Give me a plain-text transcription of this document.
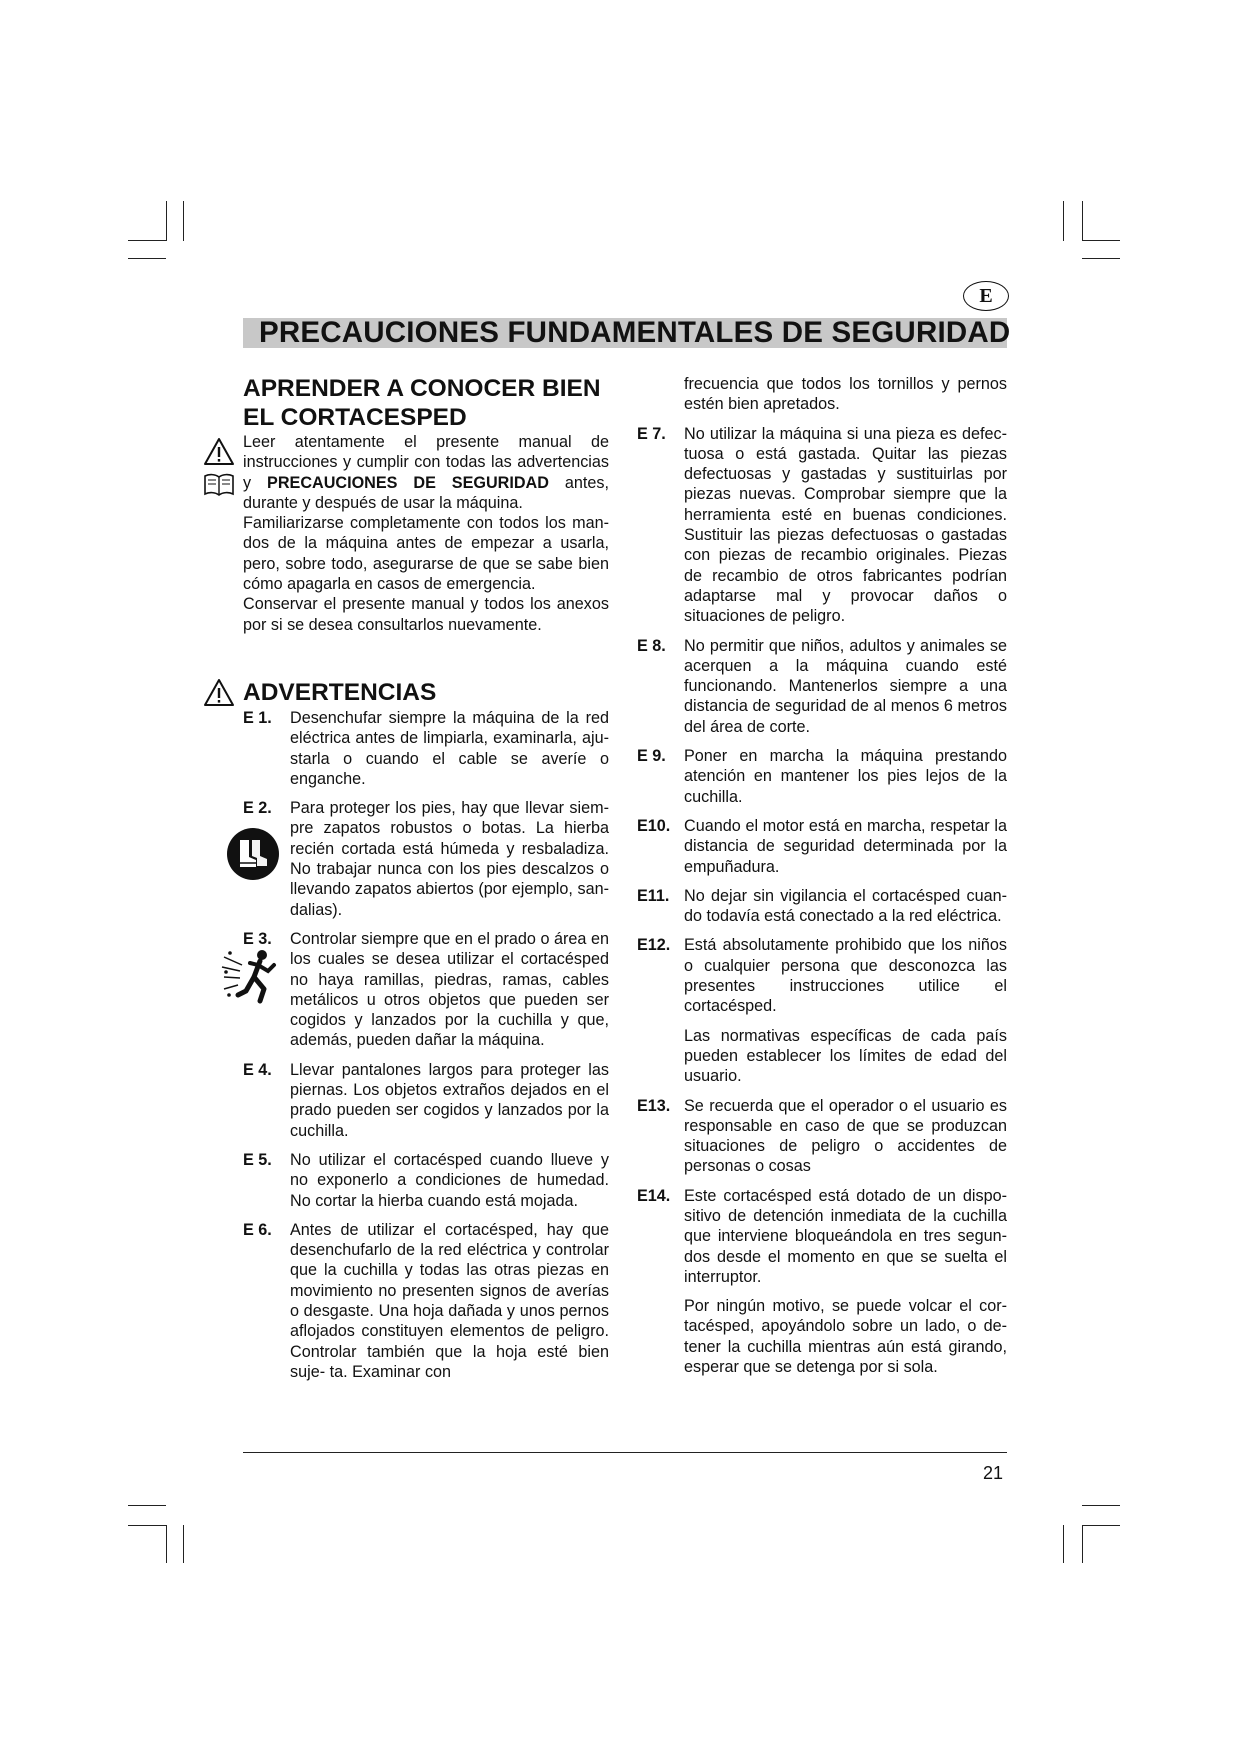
E
PRECAUCIONES FUNDAMENTALES DE SEGURIDAD
APRENDER A CONOCER BIEN
EL CORTACESPED

Leer atentamente el presente manual de instrucciones y cumplir con todas las advertencias y PRECAUCIONES DE SEGURIDAD antes, durante y después de usar la máquina.

Familiarizarse completamente con todos los mandos de la máquina antes de empezar a usarla, pero, sobre todo, asegurarse de que se sabe bien cómo apagarla en casos de emergencia.

Conservar el presente manual y todos los anexos por si se desea consultarlos nuevamente.

ADVERTENCIAS
E 1. Desenchufar siempre la máquina de la red eléctrica antes de limpiarla, examinarla, ajustarla o cuando el cable se averíe o enganche.

E 2. Para proteger los pies, hay que llevar siempre zapatos robustos o botas. La hierba recién cortada está húmeda y resbaladiza. No trabajar nunca con los pies descalzos o llevando zapatos abiertos (por ejemplo, sandalias).

E 3. Controlar siempre que en el prado o área en los cuales se desea utilizar el cortacésped no haya ramillas, piedras, ramas, cables metálicos u otros objetos que pueden ser cogidos y lanzados por la cuchilla y que, además, pueden dañar la máquina.

E 4. Llevar pantalones largos para proteger las piernas. Los objetos extraños dejados en el prado pueden ser cogidos y lanzados por la cuchilla.

E 5. No utilizar el cortacésped cuando llueve y no exponerlo a condiciones de humedad. No cortar la hierba cuando está mojada.

E 6. Antes de utilizar el cortacésped, hay que desenchufarlo de la red eléctrica y controlar que la cuchilla y todas las otras piezas en movimiento no presenten signos de averías o desgaste. Una hoja dañada y unos pernos aflojados constituyen elementos de peligro. Controlar también que la hoja esté bien suje- ta. Examinar con

frecuencia que todos los tornillos y pernos estén bien apretados.

E 7. No utilizar la máquina si una pieza es defectuosa o está gastada. Quitar las piezas defectuosas y gastadas y sustituirlas por piezas nuevas. Comprobar siempre que la herramienta esté en buenas condiciones. Sustituir las piezas defectuosas o gastadas con piezas de recambio originales. Piezas de recambio de otros fabricantes podrían adaptarse mal y provocar daños o situaciones de peligro.

E 8. No permitir que niños, adultos y animales se acerquen a la máquina cuando esté funcionando. Mantenerlos siempre a una distancia de seguridad de al menos 6 metros del área de corte.

E 9. Poner en marcha la máquina prestando atención en mantener los pies lejos de la cuchilla.

E10. Cuando el motor está en marcha, respetar la distancia de seguridad determinada por la empuñadura.

E11. No dejar sin vigilancia el cortacésped cuando todavía está conectado a la red eléctrica.

E12. Está absolutamente prohibido que los niños o cualquier persona que desconozca las presentes instrucciones utilice el cortacésped.

Las normativas específicas de cada país pueden establecer los límites de edad del usuario.

E13. Se recuerda que el operador o el usuario es responsable en caso de que se produzcan situaciones de peligro o accidentes de personas o cosas

E14. Este cortacésped está dotado de un dispositivo de detención inmediata de la cuchilla que interviene bloqueándola en tres segundos desde el momento en que se suelta el interruptor.

Por ningún motivo, se puede volcar el cortacésped, apoyándolo sobre un lado, o detener la cuchilla mientras aún está girando, esperar que se detenga por si sola.

21
